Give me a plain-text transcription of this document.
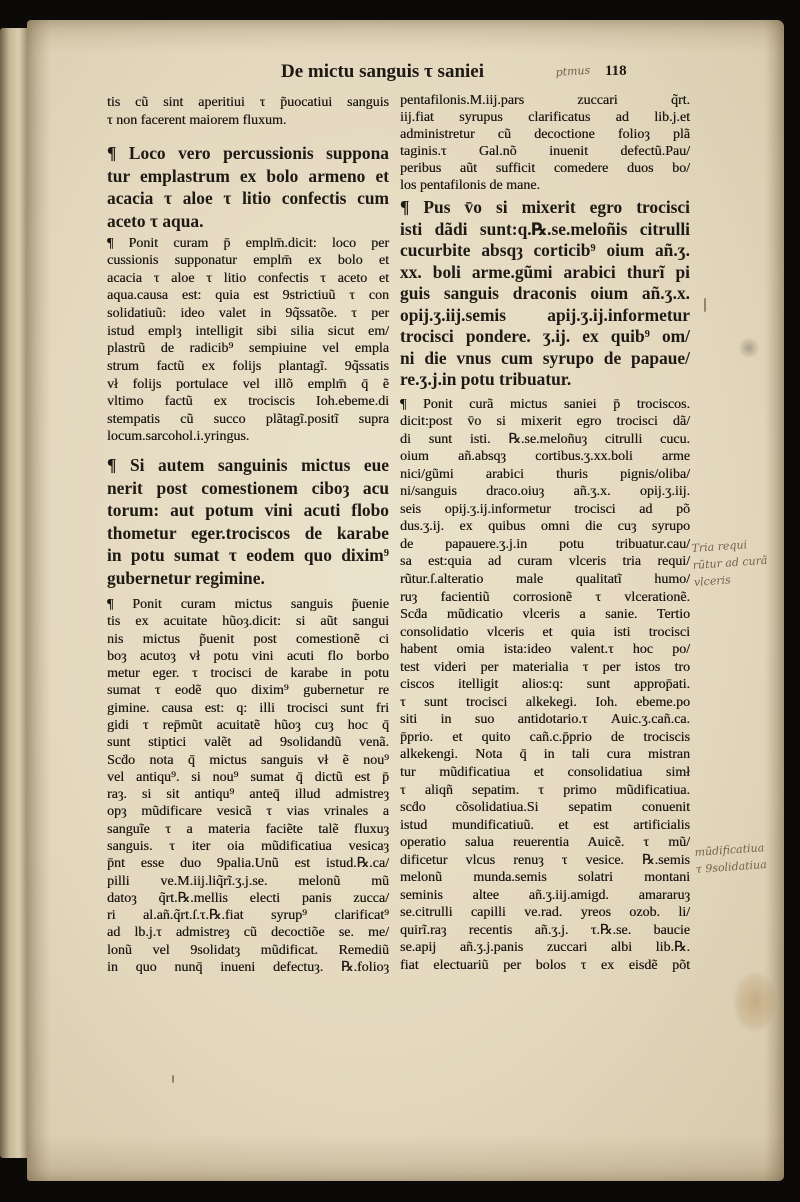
De mictu sanguis τ saniei	118
tis cũ sint aperitiui τ p̃uocatiui sanguis
τ non facerent maiorem fluxum.
¶ Loco vero percussionis suppona
tur emplastrum ex bolo armeno et
acacia τ aloe τ litio confectis cum
aceto τ aqua.
¶ Ponit curam p̄ emplm̄.dicit: loco per
cussionis supponatur emplm̄ ex bolo et
acacia τ aloe τ litio confectis τ aceto et
aqua.causa est: quia est 9strictiuũ τ con
solidatiuũ: ideo valet in 9q̃ssatõe. τ per
istud emplȝ intelligit sibi silia sicut em/
plastrũ de radicib⁹ sempiuine vel empla
strum factũ ex folijs plantagĩ. 9q̃ssatis
vł folijs portulace vel illõ emplm̄ q̄ ẽ
vltimo factũ ex trociscis Ioh.ebeme.di
stempatis cũ succo plãtagĩ.positĩ supra
locum.sarcohol.i.yringus.
¶ Si autem sanguinis mictus eue
nerit post comestionem ciboȝ acu
torum: aut potum vini acuti flobo
thometur eger.trociscos de karabe
in potu sumat τ eodem quo dixim⁹
gubernetur regimine.
¶ Ponit curam mictus sanguis p̃uenie
tis ex acuitate hũoȝ.dicit: si aũt sangui
nis mictus p̃uenit post comestionẽ ci
boȝ acutoȝ vł potu vini acuti flo borbo
metur eger. τ trocisci de karabe in potu
sumat τ eodẽ quo dixim⁹ gubernetur re
gimine. causa est: q: illi trocisci sunt fri
gidi τ rep̄mũt acuitatẽ hũoȝ cuȝ hoc q̄
sunt stiptici valẽt ad 9solidandũ venã.
Scḋo nota q̄ mictus sanguis vł ẽ nou⁹
vel antiqu⁹. si nou⁹ sumat q̄ dictũ est p̄
raȝ. si sit antiqu⁹ anteq̄ illud admistreȝ
opȝ mũdificare vesicã τ vias vrinales a
sanguĩe τ a materia faciẽte talẽ fluxuȝ
sanguis. τ iter oia mũdificatiua vesicaȝ
p̄nt esse duo 9palia.Unũ est istud.℞.ca/
pilli ve.M.iij.liq̃rĩ.ʒ.j.se. melonũ mũ
datoȝ q̃rt.℞.mellis electi panis zucca/
ri al.añ.q̃rt.ſ.τ.℞.fiat syrup⁹ clarificat⁹
ad lb.j.τ admistreȝ cũ decoctiõe se. me/
lonũ vel 9solidatȝ mũdificat. Remediũ
in quo nunq̄ inueni defectuȝ. ℞.folioȝ
pentafilonis.M.iij.pars zuccari q̃rt.
iij.fiat syrupus clarificatus ad lib.j.et
administretur cũ decoctione folioȝ plã
taginis.τ Gal.nõ inuenit defectũ.Pau/
peribus aũt sufficit comedere duos bo/
los pentafilonis de mane.
¶ Pus v̄o si mixerit egro trocisci
isti dãdi sunt:q.℞.se.meloñis citrulli
cucurbite absqȝ corticib⁹ oium añ.ʒ.
xx. boli arme.gũmi arabici thurĩ pi
guis sanguis draconis oium añ.ʒ.x.
opij.ʒ.iij.semis apij.ʒ.ij.informetur
trocisci pondere. ʒ.ij. ex quib⁹ om/
ni die vnus cum syrupo de papaue/
re.ʒ.j.in potu tribuatur.
¶ Ponit curã mictus saniei p̄ trociscos.
dicit:post v̄o si mixerit egro trocisci dã/
di sunt isti. ℞.se.meloñuȝ citrulli cucu.
oium añ.absqȝ cortibus.ʒ.xx.boli arme
nici/gũmi arabici thuris pignis/oliba/
ni/sanguis draco.oiuȝ añ.ʒ.x. opij.ʒ.iij.
seis opij.ʒ.ij.informetur trocisci ad põ
dus.ʒ.ij. ex quibus omni die cuȝ syrupo
de papauere.ʒ.j.in potu tribuatur.cau/
sa est:quia ad curam vlceris tria requi/
rũtur.ſ.alteratio male qualitatĩ humo/
ruȝ facientiũ corrosionẽ τ vlcerationẽ.
Scḋa mũdicatio vlceris a sanie. Tertio
consolidatio vlceris et quia isti trocisci
habent omia ista:ideo valent.τ hoc po/
test videri per materialia τ per istos tro
ciscos itelligit alios:q: sunt approp̄ati.
τ sunt trocisci alkekegi. Ioh. ebeme.po
siti in suo antidotario.τ Auic.ʒ.cañ.ca.
p̄prio. et quito cañ.c.p̄prio de trociscis
alkekengi. Nota q̄ in tali cura mistran
tur mũdificatiua et consolidatiua simł
τ aliqñ sepatim. τ primo mũdificatiua.
scḋo cõsolidatiua.Si sepatim conuenit
istud mundificatiuũ. et est artificialis
operatio salua reuerentia Auicẽ. τ mũ/
dificetur vlcus renuȝ τ vesice. ℞.semis
melonũ munda.semis solatri montani
seminis altee añ.ʒ.iij.amigd. amararuȝ
se.citrulli capilli ve.rad. yreos ozob. li/
quirĩ.raȝ recentis añ.ʒ.j. τ.℞.se. baucie
se.apij añ.ʒ.j.panis zuccari albi lib.℞.
fiat electuariũ per bolos τ ex eisdẽ põt
ptmus
Tria requi
rũtur ad curã
vlceris
mũdificatiua
τ 9solidatiua
